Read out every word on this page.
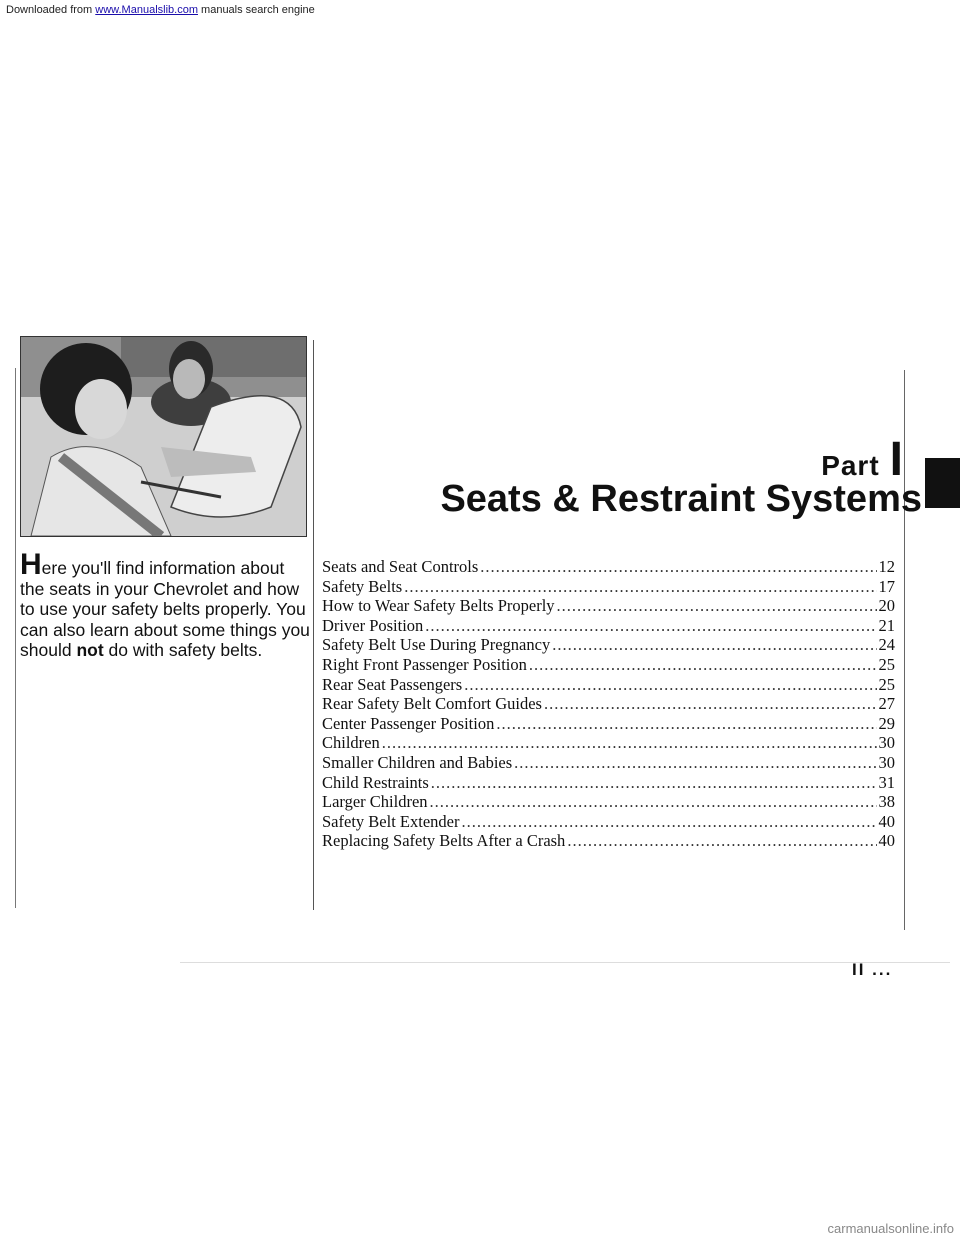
Downloaded from www.Manualslib.com manuals search engine
Here you'll find information about the seats in your Chevrolet and how to use your safety belts properly. You can also learn about some things you should not do with safety belts.
Part I
Seats & Restraint Systems
Seats and Seat Controls .....	12
Safety Belts .....	17
How to Wear Safety Belts Properly .....	20
Driver Position .....	21
Safety Belt Use During Pregnancy .....	24
Right Front Passenger Position .....	25
Rear Seat Passengers .....	25
Rear Safety Belt Comfort Guides .....	27
Center Passenger Position .....	29
Children .....	30
Smaller Children and Babies .....	30
Child Restraints .....	31
Larger Children .....	38
Safety Belt Extender .....	40
Replacing Safety Belts After a Crash .....	40
II ...
carmanualsonline.info
